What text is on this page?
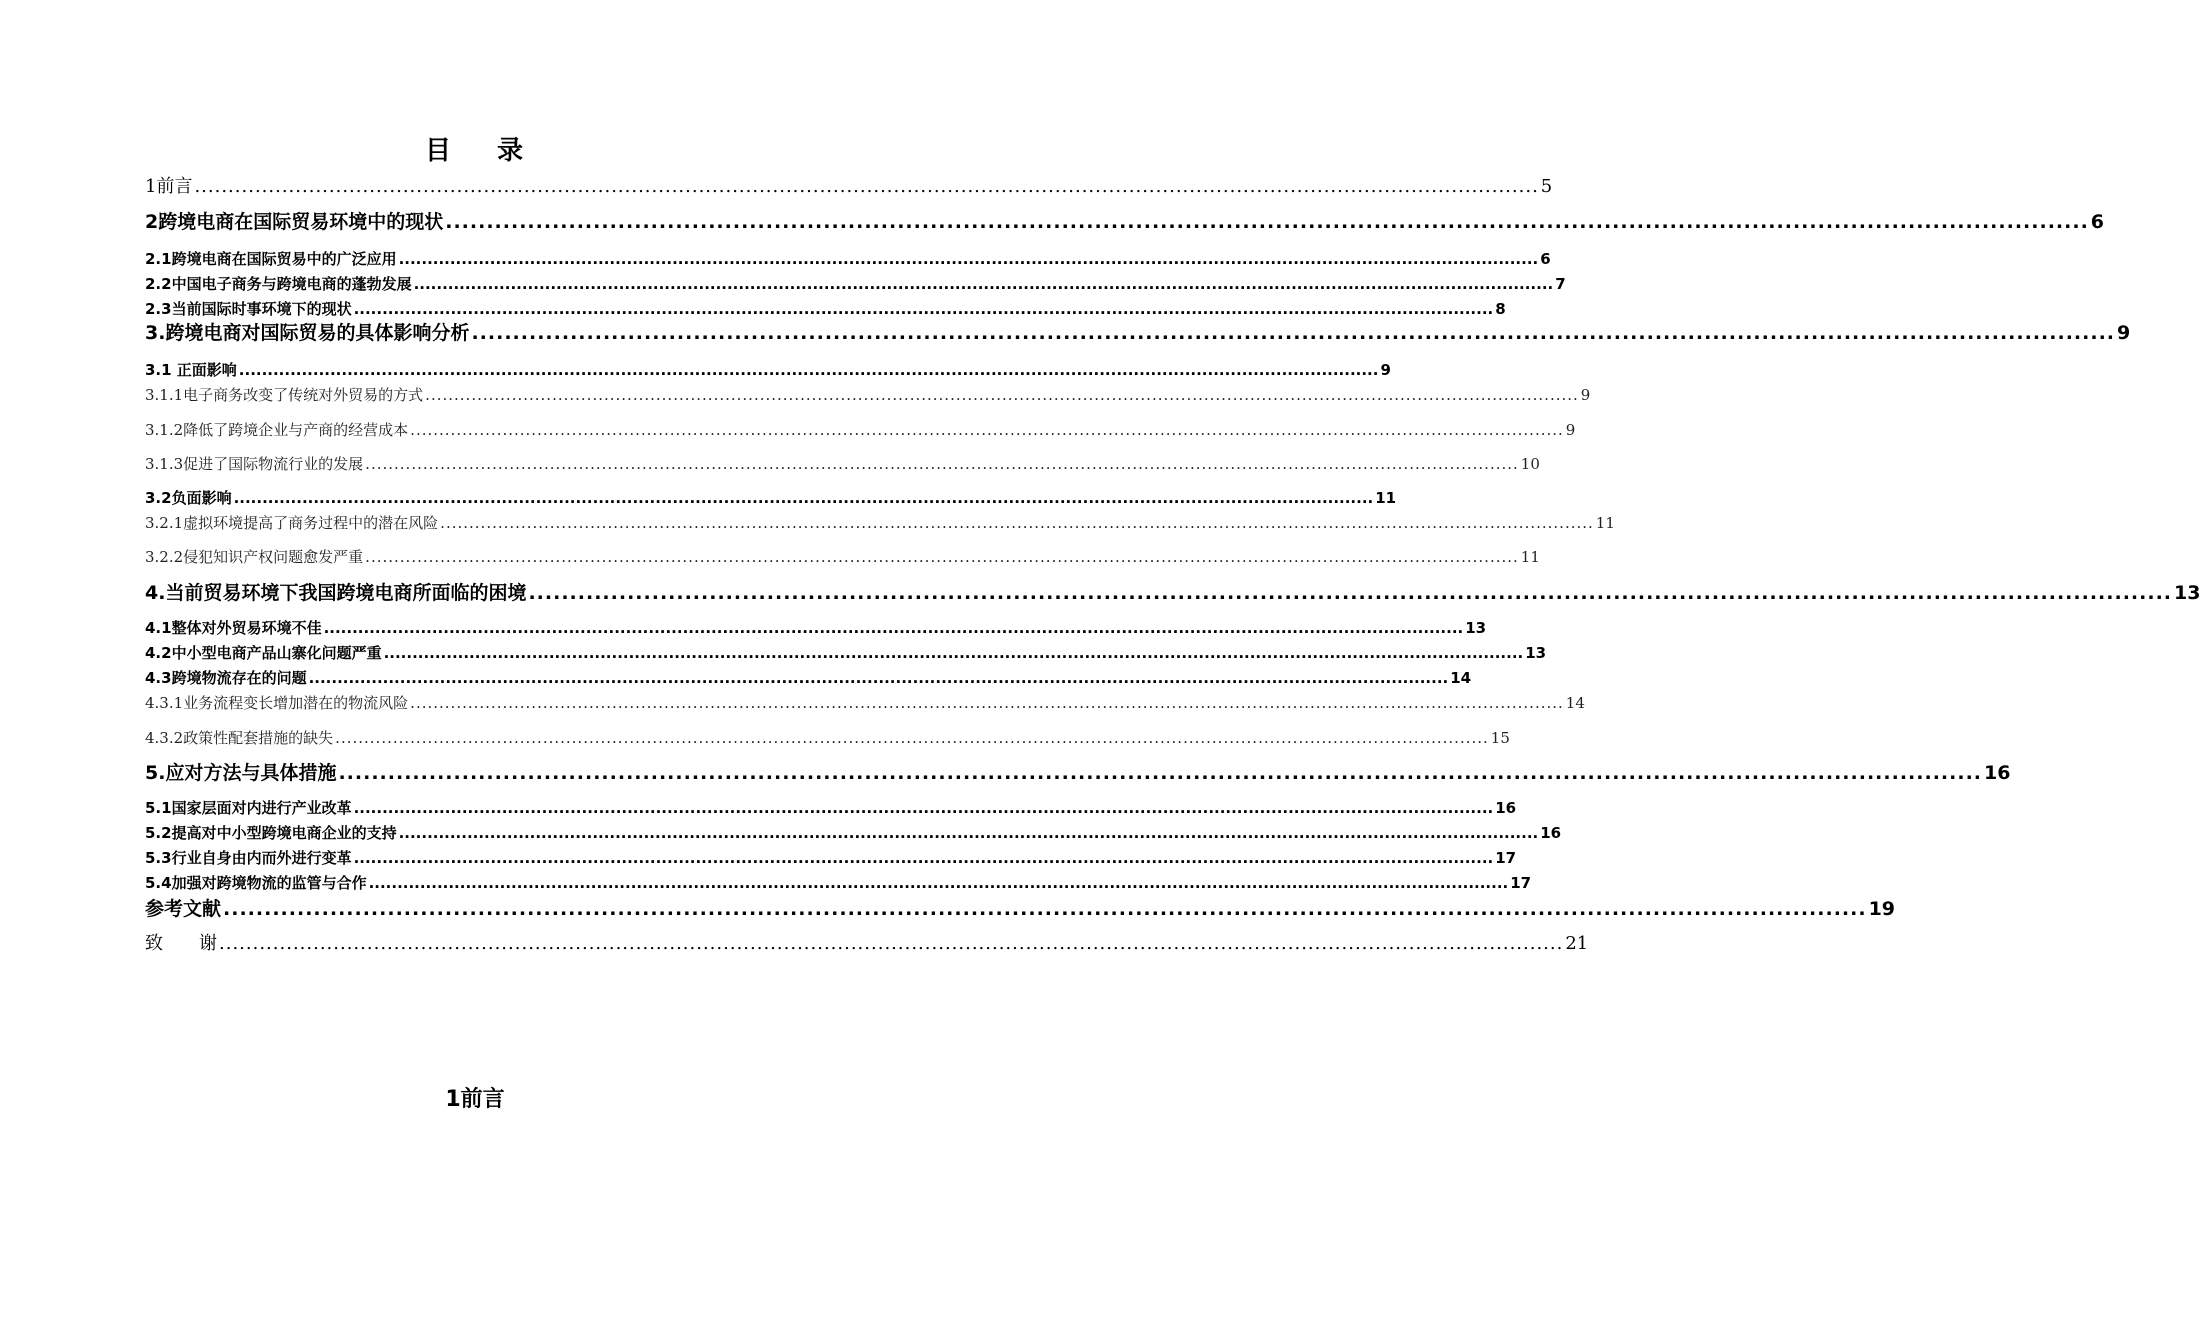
目 录
1前言 ........................................................................................................................................................................................................ 5
2跨境电商在国际贸易环境中的现状 ........................................................................................................................................................................................................ 6
2.1跨境电商在国际贸易中的广泛应用 ........................................................................................................................................................................................................ 6
2.2中国电子商务与跨境电商的蓬勃发展 ........................................................................................................................................................................................................ 7
2.3当前国际时事环境下的现状 ........................................................................................................................................................................................................ 8
3.跨境电商对国际贸易的具体影响分析 ........................................................................................................................................................................................................ 9
3.1 正面影响 ........................................................................................................................................................................................................ 9
3.1.1电子商务改变了传统对外贸易的方式 ........................................................................................................................................................................................................ 9
3.1.2降低了跨境企业与产商的经营成本 ........................................................................................................................................................................................................ 9
3.1.3促进了国际物流行业的发展 ........................................................................................................................................................................................................ 10
3.2负面影响 ........................................................................................................................................................................................................ 11
3.2.1虚拟环境提高了商务过程中的潜在风险 ........................................................................................................................................................................................................ 11
3.2.2侵犯知识产权问题愈发严重 ........................................................................................................................................................................................................ 11
4.当前贸易环境下我国跨境电商所面临的困境 ........................................................................................................................................................................................................ 13
4.1整体对外贸易环境不佳 ........................................................................................................................................................................................................ 13
4.2中小型电商产品山寨化问题严重 ........................................................................................................................................................................................................ 13
4.3跨境物流存在的问题 ........................................................................................................................................................................................................ 14
4.3.1业务流程变长增加潜在的物流风险 ........................................................................................................................................................................................................ 14
4.3.2政策性配套措施的缺失 ........................................................................................................................................................................................................ 15
5.应对方法与具体措施 ........................................................................................................................................................................................................ 16
5.1国家层面对内进行产业改革 ........................................................................................................................................................................................................ 16
5.2提高对中小型跨境电商企业的支持 ........................................................................................................................................................................................................ 16
5.3行业自身由内而外进行变革 ........................................................................................................................................................................................................ 17
5.4加强对跨境物流的监管与合作 ........................................................................................................................................................................................................ 17
参考文献 ........................................................................................................................................................................................................ 19
致　　谢 ........................................................................................................................................................................................................ 21
1前言
